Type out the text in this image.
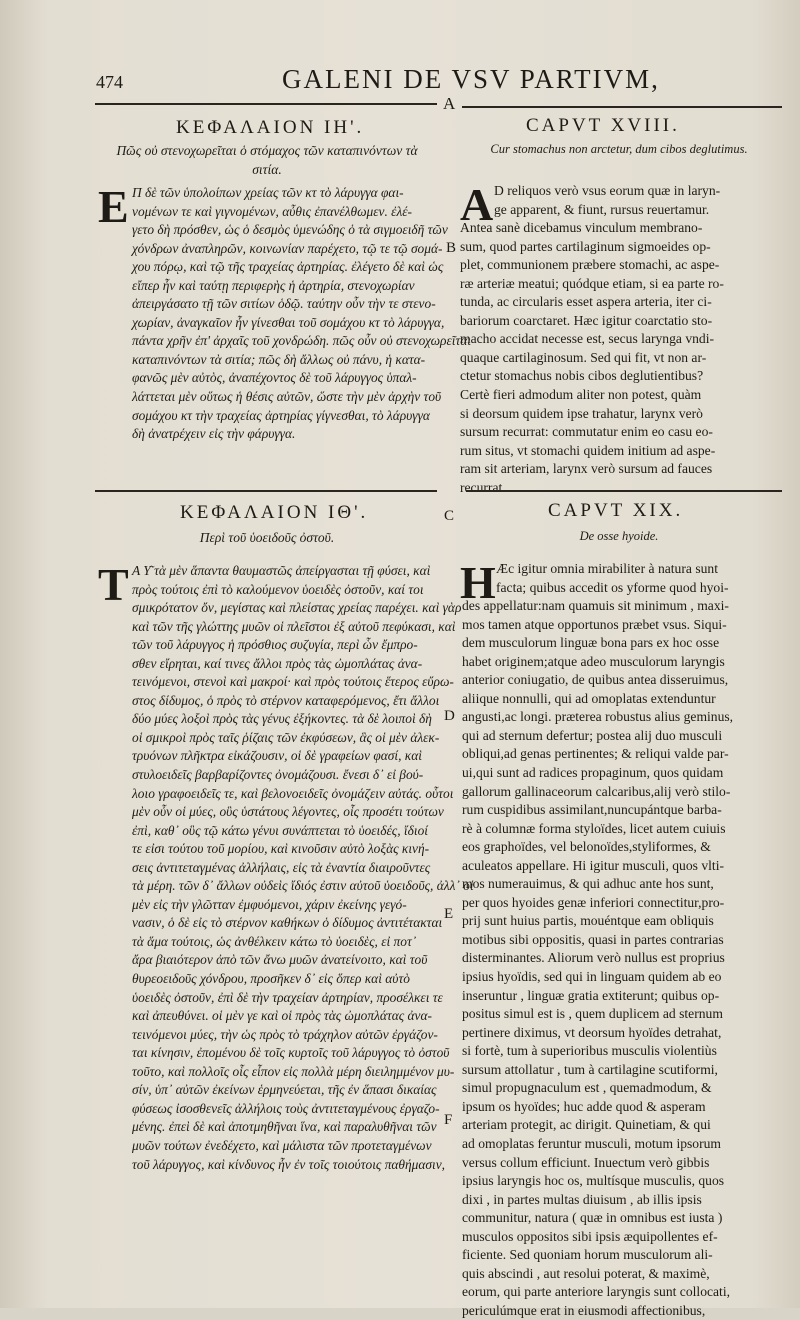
474	GALENI DE VSV PARTIVM,
A
ΚΕΦΑΛΑΙΟΝ ΙΗ'.
Πῶς οὐ στενοχωρεῖται ὁ στόμαχος τῶν καταπινόντων τὰ σιτία.
CAPVT XVIII.
Cur stomachus non arctetur, dum cibos deglutimus.
Ε Π δὲ τῶν ὑπολοίπων χρείας τῶν κτ τὸ λάρυγγα φαι-
νομένων τε καὶ γιγνομένων, αὖθις ἐπανέλθωμεν. ἐλέ-
γετο δὴ πρόσθεν, ὡς ὁ δεσμὸς ὑμενώδης ὁ τὰ σιγμοειδῆ τῶν
χόνδρων ἀναπληρῶν, κοινωνίαν παρέχετο, τῷ τε τῷ σομά-
χου πόρῳ, καὶ τῷ τῆς τραχείας ἀρτηρίας. ἐλέγετο δὲ καὶ ὡς
εἴπερ ἦν καὶ ταύτῃ περιφερὴς ἡ ἀρτηρία, στενοχωρίαν
ἀπειργάσατο τῇ τῶν σιτίων ὁδῷ. ταύτην οὖν τὴν τε στενο-
χωρίαν, ἀναγκαῖον ἦν γίνεσθαι τοῦ σομάχου κτ τὸ λάρυγγα,
πάντα χρῆν ἐπ' ἀρχαῖς τοῦ χονδρώδη. πῶς οὖν οὐ στενοχωρεῖται
καταπινόντων τὰ σιτία; πῶς δὴ ἄλλως οὐ πάνυ, ἡ κατα-
φανῶς μὲν αὐτὸς, ἀναπέχοντος δὲ τοῦ λάρυγγος ὑπαλ-
λάττεται μὲν οὕτως ἡ θέσις αὐτῶν, ὥστε τὴν μὲν ἀρχὴν τοῦ
σομάχου κτ τὴν τραχείας ἀρτηρίας γίγνεσθαι, τὸ λάρυγγα
δὴ ἀνατρέχειν εἰς τὴν φάρυγγα.
A D reliquos verò vsus eorum quæ in laryn-
ge apparent, & fiunt, rursus reuertamur.
Antea sanè dicebamus vinculum membrano-
sum, quod partes cartilaginum sigmoeides op-
plet, communionem præbere stomachi, ac aspe-
ræ arteriæ meatui; quódque etiam, si ea parte ro-
tunda, ac circularis esset aspera arteria, iter ci-
bariorum coarctaret. Hæc igitur coarctatio sto-
macho accidat necesse est, secus larynga vndi-
quaque cartilaginosum. Sed qui fit, vt non ar-
ctetur stomachus nobis cibos deglutientibus?
Certè fieri admodum aliter non potest, quàm
si deorsum quidem ipse trahatur, larynx verò
sursum recurrat: commutatur enim eo casu eo-
rum situs, vt stomachi quidem initium ad aspe-
ram sit arteriam, larynx verò sursum ad fauces
recurrat.
B
ΚΕΦΑΛΑΙΟΝ ΙΘ'.	C
Περὶ τοῦ ὑοειδοῦς ὀστοῦ.
CAPVT XIX.
De osse hyoide.
Τ Α Υ͂ τὰ μὲν ἅπαντα θαυμαστῶς ἀπείργασται τῇ φύσει, καὶ
πρὸς τούτοις ἐπὶ τὸ καλούμενον ὑοειδὲς ὀστοῦν, καί τοι
σμικρότατον ὄν, μεγίστας καὶ πλείστας χρείας παρέχει. καὶ γὰρ
καὶ τῶν τῆς γλώττης μυῶν οἱ πλεῖστοι ἐξ αὐτοῦ πεφύκασι, καὶ
τῶν τοῦ λάρυγγος ἡ πρόσθιος συζυγία, περὶ ὧν ἔμπρο-
σθεν εἴρηται, καί τινες ἄλλοι πρὸς τὰς ὠμοπλάτας ἀνα-
τεινόμενοι, στενοὶ καὶ μακροί· καὶ πρὸς τούτοις ἕτερος εὔρω-
στος δίδυμος, ὁ πρὸς τὸ στέρνον καταφερόμενος, ἔτι ἄλλοι
δύο μύες λοξοὶ πρὸς τὰς γένυς ἐξήκοντες. τὰ δὲ λοιποὶ δὴ
οἱ σμικροὶ πρὸς ταῖς ῥίζαις τῶν ἐκφύσεων, ἃς οἱ μὲν ἀλεκ-
τρυόνων πλῆκτρα εἰκάζουσιν, οἱ δὲ γραφείων φασί, καὶ
στυλοειδεῖς βαρβαρίζοντες ὀνομάζουσι. ἔνεσι δ᾽ εἰ βού-
λοιο γραφοειδεῖς τε, καὶ βελονοειδεῖς ὀνομάζειν αὐτάς. οὗτοι
μὲν οὖν οἱ μύες, οὓς ὑστάτους λέγοντες, οἷς προσέτι τούτων
ἐπὶ, καθ᾽ οὓς τῷ κάτω γένυι συνάπτεται τὸ ὑοειδές, ἴδιοί
τε εἰσι τούτου τοῦ μορίου, καὶ κινοῦσιν αὐτὸ λοξὰς κινή-
σεις ἀντιτεταγμένας ἀλλήλαις, εἰς τὰ ἐναντία διαιροῦντες
τὰ μέρη. τῶν δ᾽ ἄλλων οὐδεὶς ἴδιός ἐστιν αὐτοῦ ὑοειδοῦς, ἀλλ᾽ οἱ
μὲν εἰς τὴν γλῶτταν ἐμφυόμενοι, χάριν ἐκείνης γεγό-
νασιν, ὁ δὲ εἰς τὸ στέρνον καθήκων ὁ δίδυμος ἀντιτέτακται
τὰ ἅμα τούτοις, ὡς ἀνθέλκειν κάτω τὸ ὑοειδὲς, εἰ ποτ᾽
ἄρα βιαιότερον ἀπὸ τῶν ἄνω μυῶν ἀνατείνοιτο, καὶ τοῦ
θυρεοειδοῦς χόνδρου, προσῆκεν δ᾽ εἰς ὅπερ καὶ αὐτὸ
ὑοειδὲς ὀστοῦν, ἐπὶ δὲ τὴν τραχείαν ἀρτηρίαν, προσέλκει τε
καὶ ἀπευθύνει. οἱ μὲν γε καὶ οἱ πρὸς τὰς ὠμοπλάτας ἀνα-
τεινόμενοι μύες, τὴν ὡς πρὸς τὸ τράχηλον αὐτῶν ἐργάζον-
ται κίνησιν, ἐπομένου δὲ τοῖς κυρτοῖς τοῦ λάρυγγος τὸ ὀστοῦ
τοῦτο, καὶ πολλοῖς οἷς εἶπον εἰς πολλὰ μέρη διειλημμένον μυ-
σίν, ὑπ᾽ αὐτῶν ἐκείνων ἑρμηνεύεται, τῆς ἐν ἅπασι δικαίας
φύσεως ἰσοσθενεῖς ἀλλήλοις τοὺς ἀντιτεταγμένους ἐργαζο-
μένης. ἐπεὶ δὲ καὶ ἀποτμηθῆναι ἵνα, καὶ παραλυθῆναι τῶν
μυῶν τούτων ἐνεδέχετο, καὶ μάλιστα τῶν προτεταγμένων
τοῦ λάρυγγος, καὶ κίνδυνος ἦν ἐν τοῖς τοιούτοις παθήμασιν,
H Æc igitur omnia mirabiliter à natura sunt
facta; quibus accedit os yforme quod hyoi-
des appellatur:nam quamuis sit minimum , maxi-
mos tamen atque opportunos præbet vsus. Siqui-
dem musculorum linguæ bona pars ex hoc osse
habet originem;atque adeo musculorum laryngis
anterior coniugatio, de quibus antea disseruimus,
aliique nonnulli, qui ad omoplatas extenduntur
angusti,ac longi. præterea robustus alius geminus,
qui ad sternum defertur; postea alij duo musculi
obliqui,ad genas pertinentes; & reliqui valde par-
ui,qui sunt ad radices propaginum, quos quidam
gallorum gallinaceorum calcaribus,alij verò stilo-
rum cuspidibus assimilant,nuncupántque barba-
rè à columnæ forma styloïdes, licet autem cuiuis
eos graphoïdes, vel belonoïdes,styliformes, &
aculeatos appellare. Hi igitur musculi, quos vlti-
mos numerauimus, & qui adhuc ante hos sunt,
per quos hyoides genæ inferiori connectitur,pro-
prij sunt huius partis, mouéntque eam obliquis
motibus sibi oppositis, quasi in partes contrarias
disterminantes. Aliorum verò nullus est proprius
ipsius hyoïdis, sed qui in linguam quidem ab eo
inseruntur , linguæ gratia extiterunt; quibus op-
positus simul est is , quem duplicem ad sternum
pertinere diximus, vt deorsum hyoïdes detrahat,
si fortè, tum à superioribus musculis violentiùs
sursum attollatur , tum à cartilagine scutiformi,
simul propugnaculum est , quemadmodum, &
ipsum os hyoïdes; huc adde quod & asperam
arteriam protegit, ac dirigit. Quinetiam, & qui
ad omoplatas feruntur musculi, motum ipsorum
versus collum efficiunt. Inuectum verò gibbis
ipsius laryngis hoc os, multísque musculis, quos
dixi , in partes multas diuisum , ab illis ipsis
communitur, natura ( quæ in omnibus est iusta )
musculos oppositos sibi ipsis æquipollentes ef-
ficiente. Sed quoniam horum musculorum ali-
quis abscindi , aut resolui poterat, & maximè,
eorum, qui parte anteriore laryngis sunt collocati,
periculúmque erat in eiusmodi affectionibus,
D
E
F
